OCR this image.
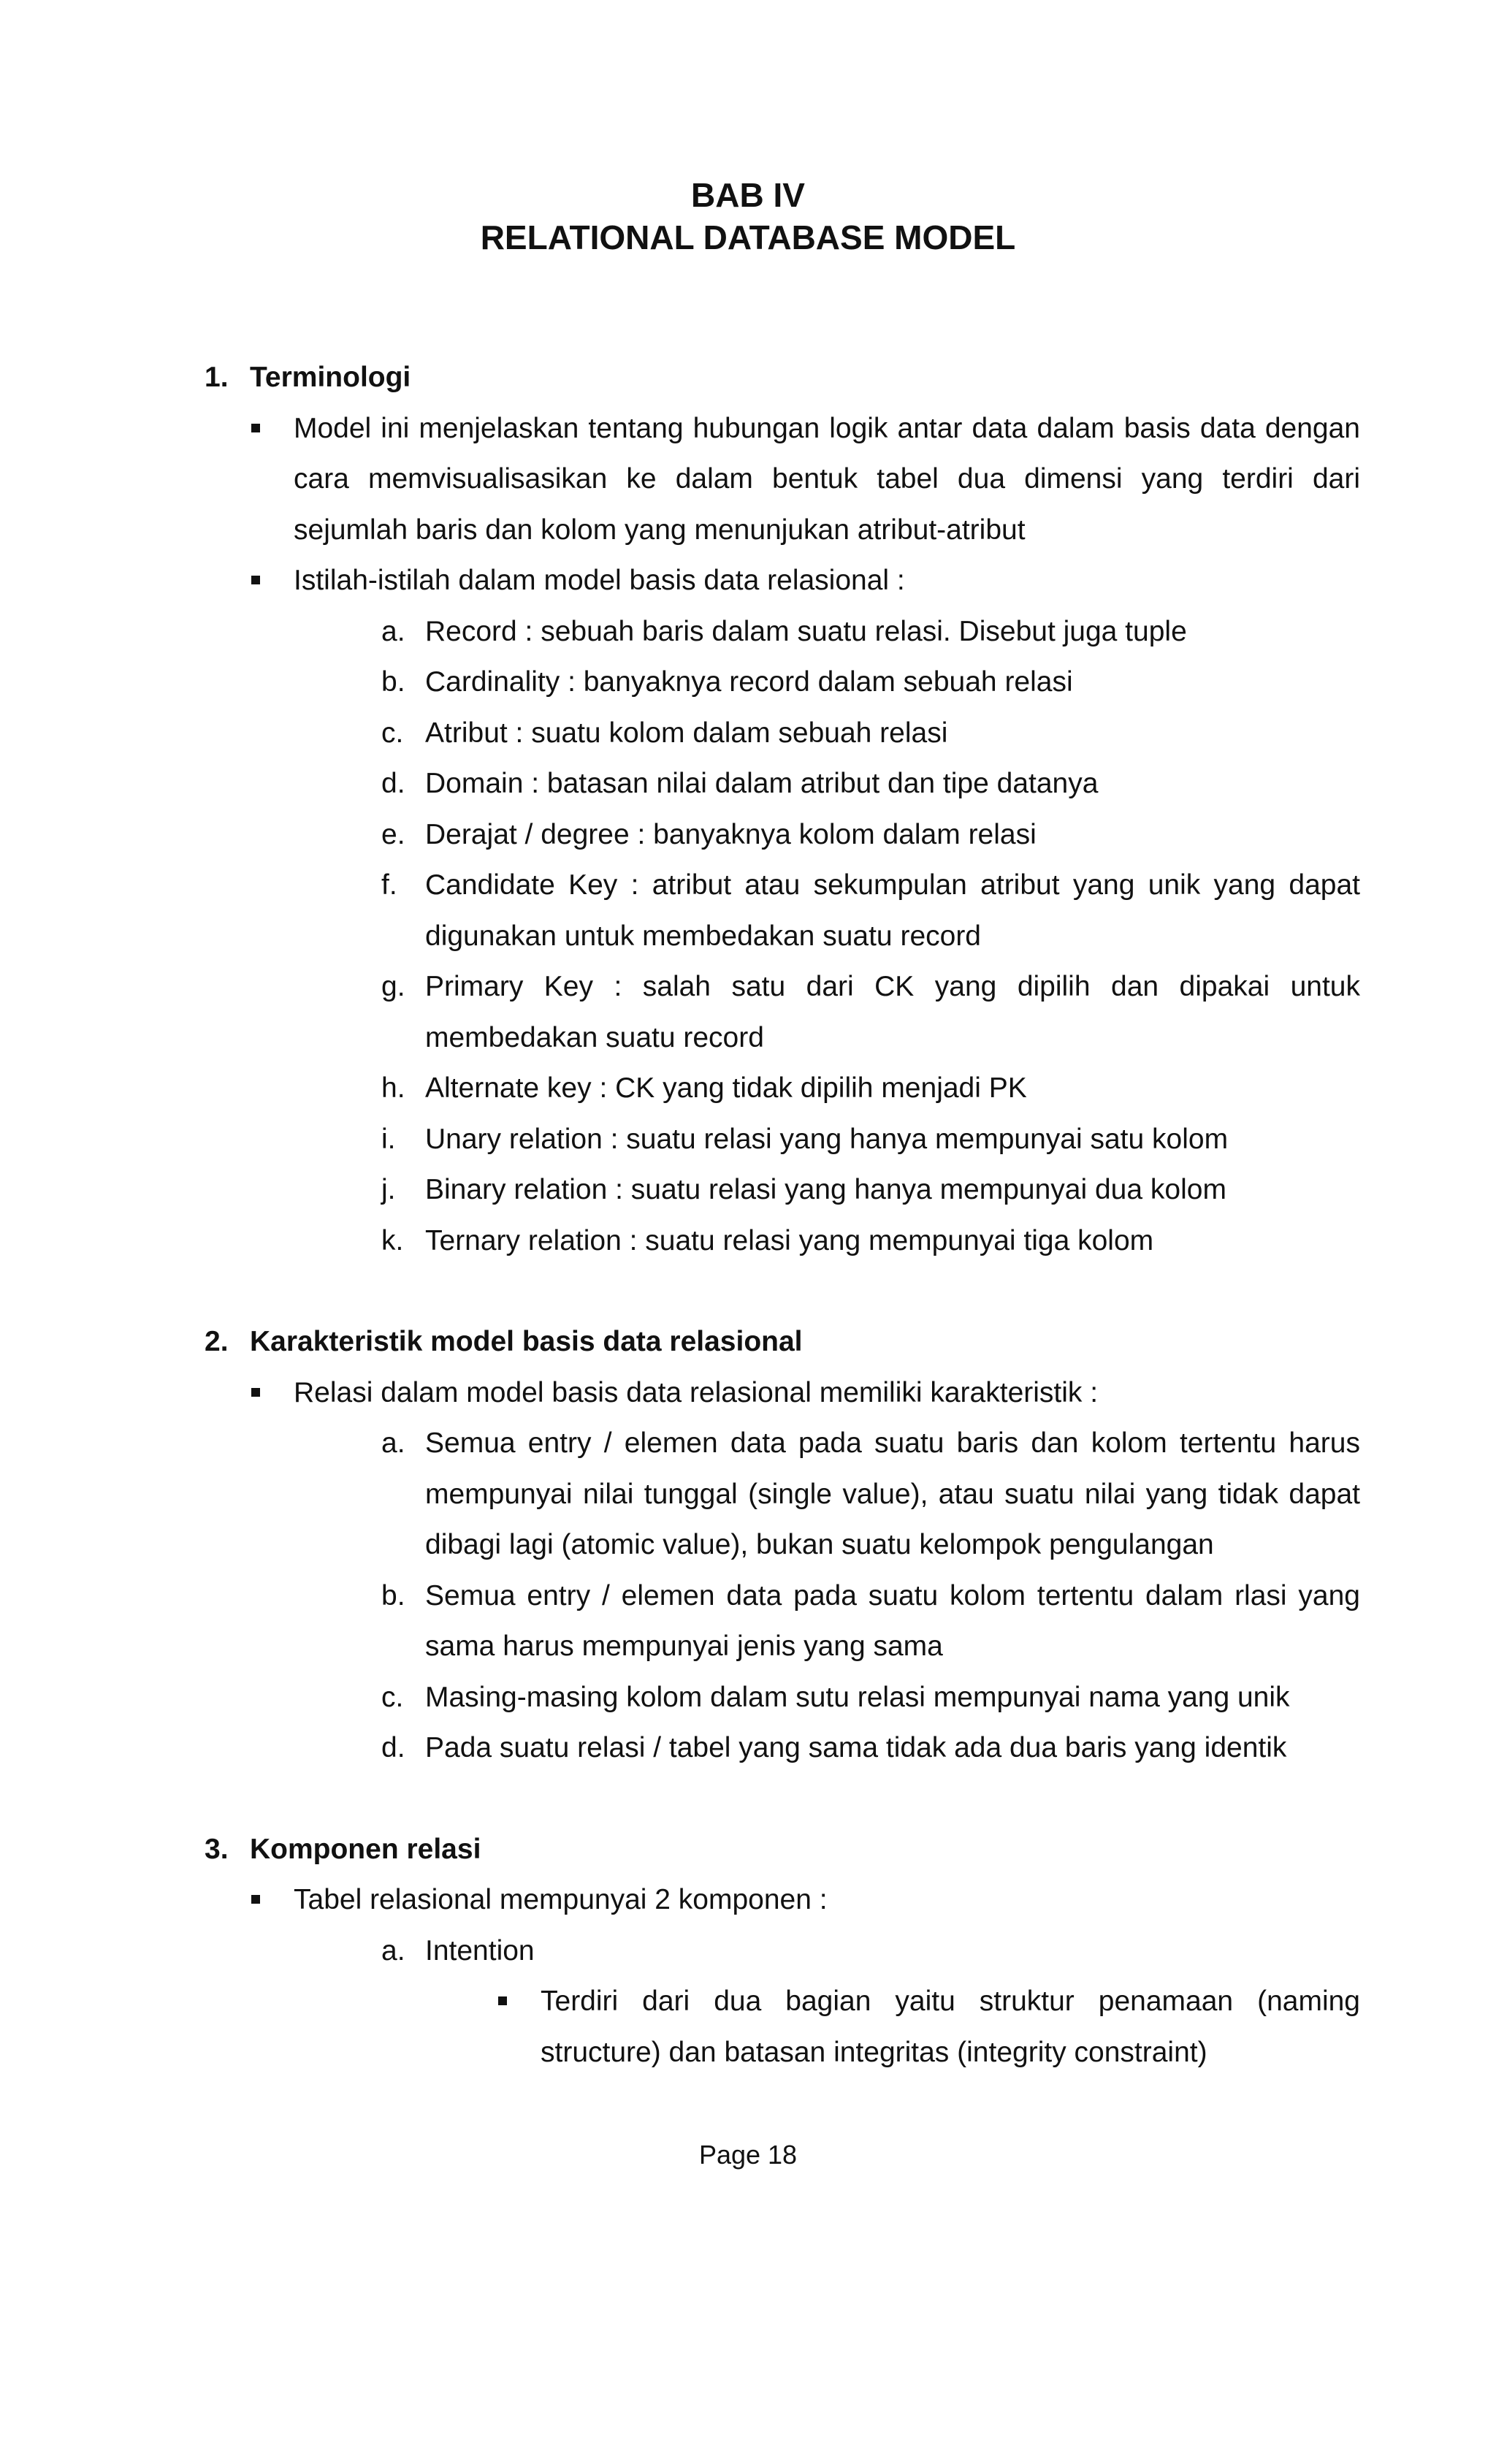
BAB IV
RELATIONAL DATABASE MODEL
1. Terminologi
Model ini menjelaskan tentang hubungan logik antar data dalam basis data dengan cara memvisualisasikan ke dalam bentuk tabel dua dimensi yang terdiri dari sejumlah baris dan kolom yang menunjukan atribut-atribut
Istilah-istilah dalam model basis data relasional :
a. Record : sebuah baris dalam suatu relasi. Disebut juga tuple
b. Cardinality : banyaknya record dalam sebuah relasi
c. Atribut : suatu kolom dalam sebuah relasi
d. Domain : batasan nilai dalam atribut dan tipe datanya
e. Derajat / degree : banyaknya kolom dalam relasi
f. Candidate Key : atribut atau sekumpulan atribut yang unik yang dapat digunakan untuk membedakan suatu record
g. Primary Key : salah satu dari CK yang dipilih dan dipakai untuk membedakan suatu record
h. Alternate key : CK yang tidak dipilih menjadi PK
i.	Unary relation : suatu relasi yang hanya mempunyai satu kolom
j.	Binary relation : suatu relasi yang hanya mempunyai dua kolom
k. Ternary relation : suatu relasi yang mempunyai tiga kolom
2. Karakteristik model basis data relasional
Relasi dalam model basis data relasional memiliki karakteristik :
a. Semua entry / elemen data pada suatu baris dan kolom tertentu harus mempunyai nilai tunggal (single value), atau suatu nilai yang tidak dapat dibagi lagi (atomic value), bukan suatu kelompok pengulangan
b. Semua entry / elemen data pada suatu kolom tertentu dalam rlasi yang sama harus mempunyai jenis yang sama
c. Masing-masing kolom dalam sutu relasi mempunyai nama yang unik
d. Pada suatu relasi / tabel yang sama tidak ada dua baris yang identik
3. Komponen relasi
Tabel relasional mempunyai 2 komponen :
a. Intention
Terdiri dari dua bagian yaitu struktur penamaan (naming structure) dan batasan integritas (integrity constraint)
Page 18
